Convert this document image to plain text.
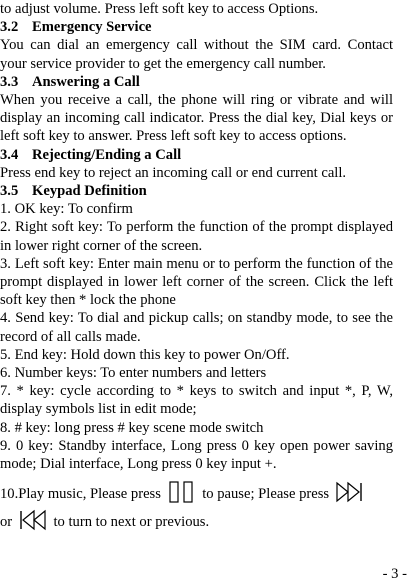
to adjust volume. Press left soft key to access Options.

3.2 Emergency Service

You can dial an emergency call without the SIM card. Contact your service provider to get the emergency call number.

3.3 Answering a Call

When you receive a call, the phone will ring or vibrate and will display an incoming call indicator. Press the dial key, Dial keys or left soft key to answer. Press left soft key to access options.

3.4 Rejecting/Ending a Call

Press end key to reject an incoming call or end current call.

3.5 Keypad Definition

1. OK key: To confirm

2. Right soft key: To perform the function of the prompt displayed in lower right corner of the screen.

3. Left soft key: Enter main menu or to perform the function of the prompt displayed in lower left corner of the screen. Click the left soft key then * lock the phone

4. Send key: To dial and pickup calls; on standby mode, to see the record of all calls made.

5. End key: Hold down this key to power On/Off.

6. Number keys: To enter numbers and letters

7. * key: cycle according to * keys to switch and input *, P, W, display symbols list in edit mode;

8. # key: long press # key scene mode switch

9. 0 key: Standby interface, Long press 0 key open power saving mode; Dial interface, Long press 0 key input +.

10.Play music, Please press	to pause; Please press
or	to turn to next or previous.

- 3 -
